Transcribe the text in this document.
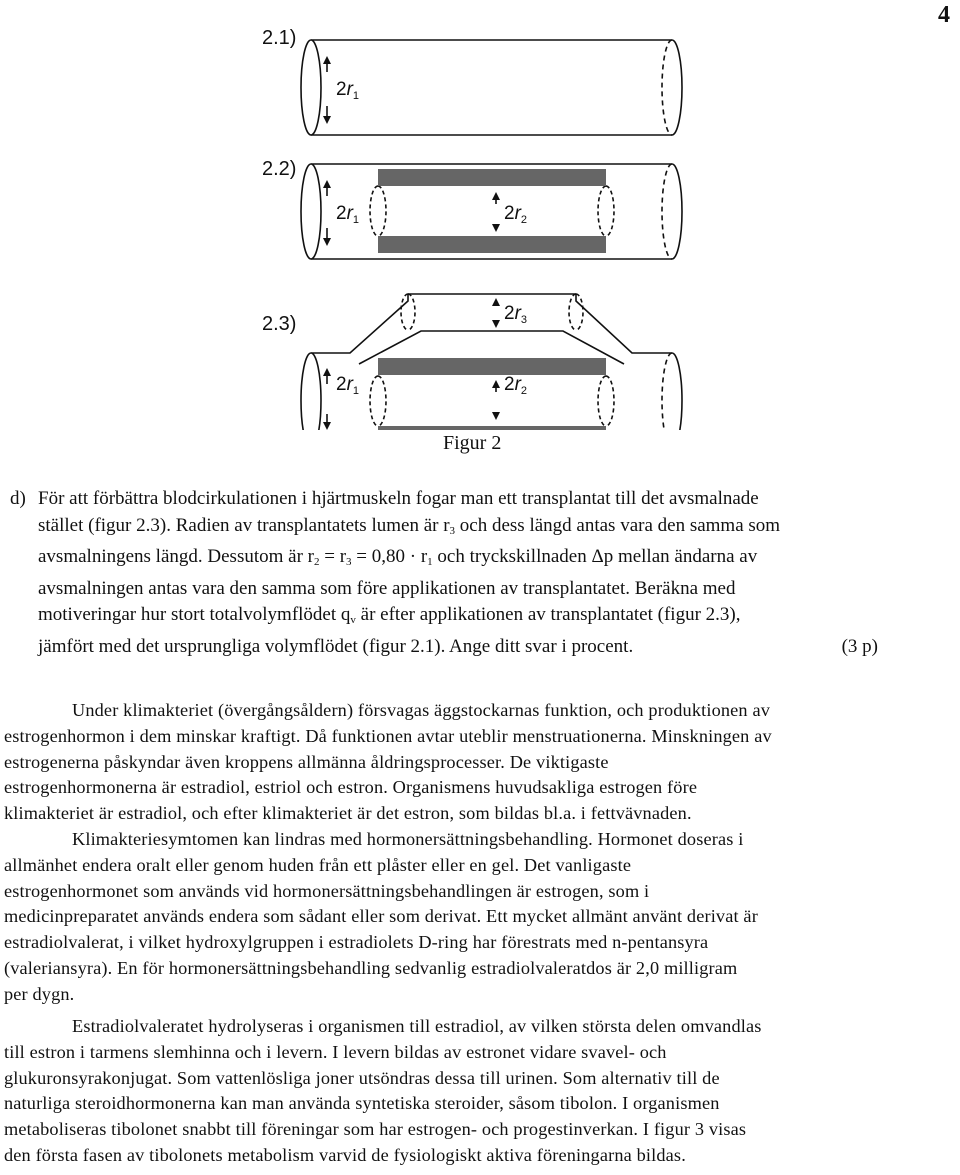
4
2.1)
2.2)
2.3)
$2r_1$
$2r_1$	$2r_2$
$2r_3$
$2r_1$	$2r_2$
Figur 2
d) För att förbättra blodcirkulationen i hjärtmuskeln fogar man ett transplantat till det avsmalnade
stället (figur 2.3). Radien av transplantatets lumen är $r_3$ och dess längd antas vara den samma som
avsmalningens längd. Dessutom är $r_2 = r_3 = 0,80 \cdot r_1$ och tryckskillnaden Δp mellan ändarna av
avsmalningen antas vara den samma som före applikationen av transplantatet. Beräkna med
motiveringar hur stort totalvolymflödet $q_v$ är efter applikationen av transplantatet (figur 2.3),
jämfört med det ursprungliga volymflödet (figur 2.1). Ange ditt svar i procent.	(3 p)
Under klimakteriet (övergångsåldern) försvagas äggstockarnas funktion, och produktionen av
estrogenhormon i dem minskar kraftigt. Då funktionen avtar uteblir menstruationerna. Minskningen av
estrogenerna påskyndar även kroppens allmänna åldringsprocesser. De viktigaste
estrogenhormonerna är estradiol, estriol och estron. Organismens huvudsakliga estrogen före
klimakteriet är estradiol, och efter klimakteriet är det estron, som bildas bl.a. i fettvävnaden.
Klimakteriesymtomen kan lindras med hormonersättningsbehandling. Hormonet doseras i
allmänhet endera oralt eller genom huden från ett plåster eller en gel. Det vanligaste
estrogenhormonet som används vid hormonersättningsbehandlingen är estrogen, som i
medicinpreparatet används endera som sådant eller som derivat. Ett mycket allmänt använt derivat är
estradiolvalerat, i vilket hydroxylgruppen i estradiolets D-ring har förestrats med n-pentansyra
(valeriansyra). En för hormonersättningsbehandling sedvanlig estradiolvaleratdos är 2,0 milligram
per dygn.
Estradiolvaleratet hydrolyseras i organismen till estradiol, av vilken största delen omvandlas
till estron i tarmens slemhinna och i levern. I levern bildas av estronet vidare svavel- och
glukuronsyrakonjugat. Som vattenlösliga joner utsöndras dessa till urinen. Som alternativ till de
naturliga steroidhormonerna kan man använda syntetiska steroider, såsom tibolon. I organismen
metaboliseras tibolonet snabbt till föreningar som har estrogen- och progestinverkan. I figur 3 visas
den första fasen av tibolonets metabolism varvid de fysiologiskt aktiva föreningarna bildas.
